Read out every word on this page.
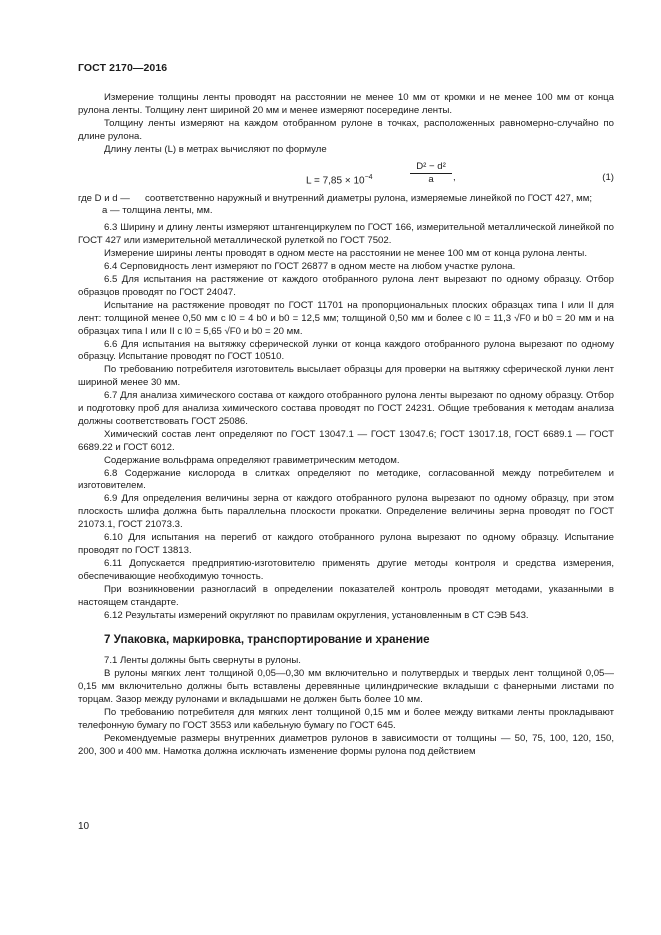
ГОСТ 2170—2016

Измерение толщины ленты проводят на расстоянии не менее 10 мм от кромки и не менее 100 мм от конца рулона ленты. Толщину лент шириной 20 мм и менее измеряют посередине ленты.

Толщину ленты измеряют на каждом отобранном рулоне в точках, расположенных равномерно-случайно по длине рулона.

Длину ленты (L) в метрах вычисляют по формуле

$L = 7,85 \times 10^{-4}$	$\frac{\text{D² − d²}}{a}$ ,	(1)
где D и d —	соответственно наружный и внутренний диаметры рулона, измеряемые линейкой по ГОСТ 427, мм;
a — толщина ленты, мм.

6.3 Ширину и длину ленты измеряют штангенциркулем по ГОСТ 166, измерительной металлической линейкой по ГОСТ 427 или измерительной металлической рулеткой по ГОСТ 7502.

Измерение ширины ленты проводят в одном месте на расстоянии не менее 100 мм от конца рулона ленты.

6.4 Серповидность лент измеряют по ГОСТ 26877 в одном месте на любом участке рулона.

6.5 Для испытания на растяжение от каждого отобранного рулона лент вырезают по одному образцу. Отбор образцов проводят по ГОСТ 24047.

Испытание на растяжение проводят по ГОСТ 11701 на пропорциональных плоских образцах типа I или II для лент: толщиной менее 0,50 мм с l0 = 4 b0 и b0 = 12,5 мм; толщиной 0,50 мм и более с l0 = 11,3 √F0 и b0 = 20 мм и на образцах типа I или II с l0 = 5,65 √F0 и b0 = 20 мм.

6.6 Для испытания на вытяжку сферической лунки от конца каждого отобранного рулона вырезают по одному образцу. Испытание проводят по ГОСТ 10510.

По требованию потребителя изготовитель высылает образцы для проверки на вытяжку сферической лунки лент шириной менее 30 мм.

6.7 Для анализа химического состава от каждого отобранного рулона ленты вырезают по одному образцу. Отбор и подготовку проб для анализа химического состава проводят по ГОСТ 24231. Общие требования к методам анализа должны соответствовать ГОСТ 25086.

Химический состав лент определяют по ГОСТ 13047.1 — ГОСТ 13047.6; ГОСТ 13017.18, ГОСТ 6689.1 — ГОСТ 6689.22 и ГОСТ 6012.

Содержание вольфрама определяют гравиметрическим методом.

6.8 Содержание кислорода в слитках определяют по методике, согласованной между потребителем и изготовителем.

6.9 Для определения величины зерна от каждого отобранного рулона вырезают по одному образцу, при этом плоскость шлифа должна быть параллельна плоскости прокатки. Определение величины зерна проводят по ГОСТ 21073.1, ГОСТ 21073.3.

6.10 Для испытания на перегиб от каждого отобранного рулона вырезают по одному образцу. Испытание проводят по ГОСТ 13813.

6.11 Допускается предприятию-изготовителю применять другие методы контроля и средства измерения, обеспечивающие необходимую точность.

При возникновении разногласий в определении показателей контроль проводят методами, указанными в настоящем стандарте.

6.12 Результаты измерений округляют по правилам округления, установленным в СТ СЭВ 543.

7 Упаковка, маркировка, транспортирование и хранение

7.1 Ленты должны быть свернуты в рулоны.

В рулоны мягких лент толщиной 0,05—0,30 мм включительно и полутвердых и твердых лент толщиной 0,05—0,15 мм включительно должны быть вставлены деревянные цилиндрические вкладыши с фанерными листами по торцам. Зазор между рулонами и вкладышами не должен быть более 10 мм.

По требованию потребителя для мягких лент толщиной 0,15 мм и более между витками ленты прокладывают телефонную бумагу по ГОСТ 3553 или кабельную бумагу по ГОСТ 645.

Рекомендуемые размеры внутренних диаметров рулонов в зависимости от толщины — 50, 75, 100, 120, 150, 200, 300 и 400 мм. Намотка должна исключать изменение формы рулона под действием

10
